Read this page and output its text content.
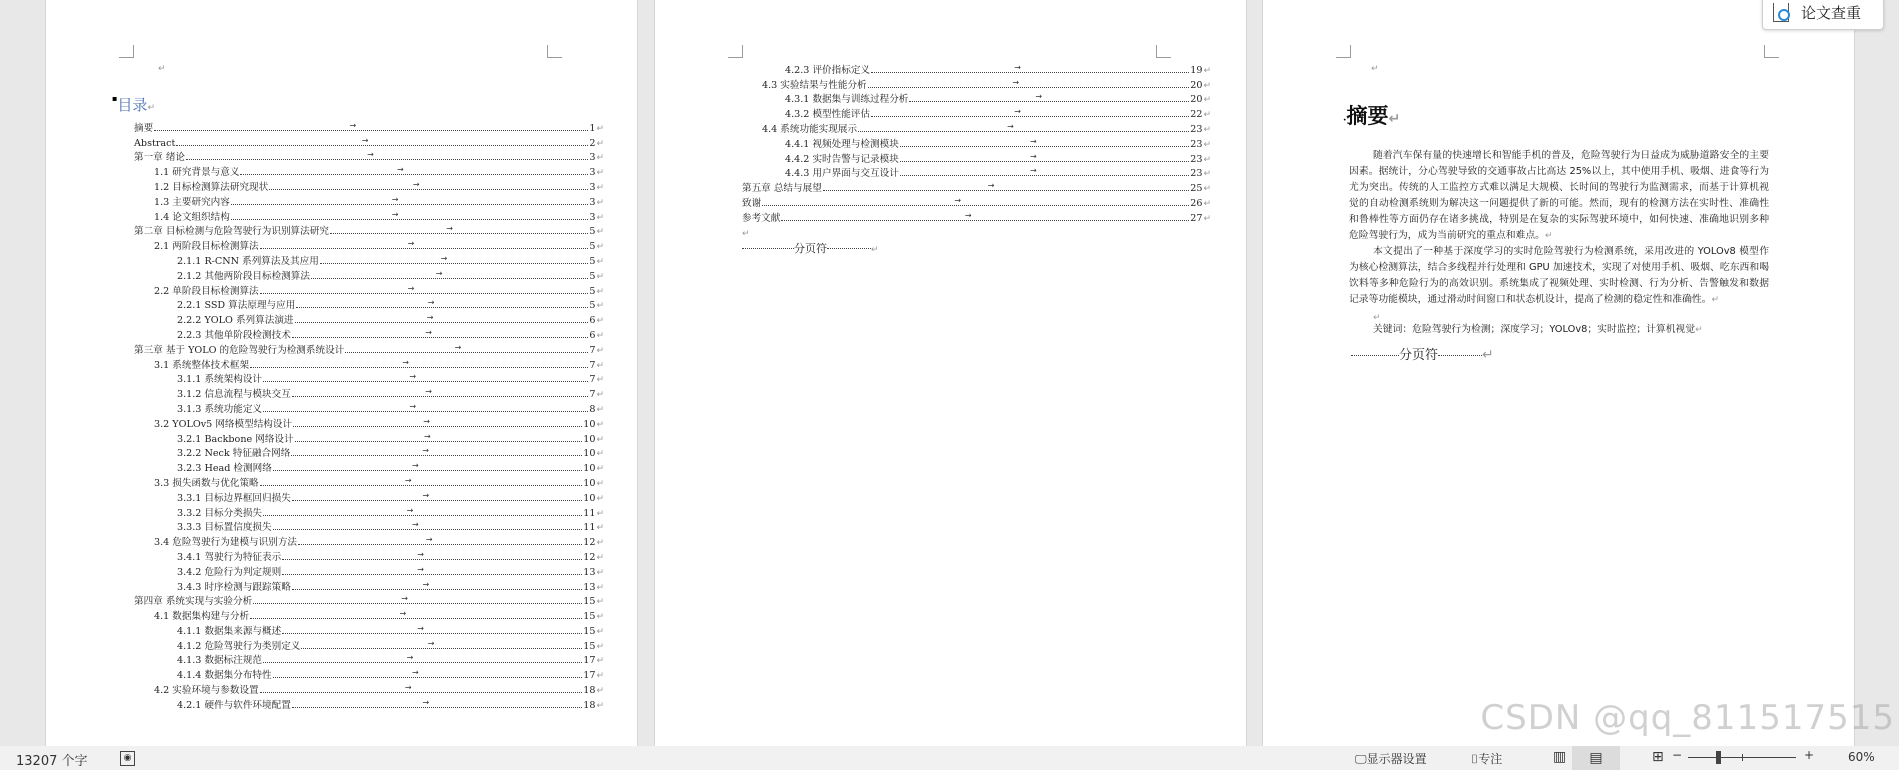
↵
▪目录↵
摘要	→	1 ↵
Abstract	→	2 ↵
第一章 绪论	→	3 ↵
1.1 研究背景与意义	→	3 ↵
1.2 目标检测算法研究现状	→	3 ↵
1.3 主要研究内容	→	3 ↵
1.4 论文组织结构	→	3 ↵
第二章 目标检测与危险驾驶行为识别算法研究	→	5 ↵
2.1 两阶段目标检测算法	→	5 ↵
2.1.1 R-CNN 系列算法及其应用	→	5 ↵
2.1.2 其他两阶段目标检测算法	→	5 ↵
2.2 单阶段目标检测算法	→	5 ↵
2.2.1 SSD 算法原理与应用	→	5 ↵
2.2.2 YOLO 系列算法演进	→	6 ↵
2.2.3 其他单阶段检测技术	→	6 ↵
第三章 基于 YOLO 的危险驾驶行为检测系统设计	→	7 ↵
3.1 系统整体技术框架	→	7 ↵
3.1.1 系统架构设计	→	7 ↵
3.1.2 信息流程与模块交互	→	7 ↵
3.1.3 系统功能定义	→	8 ↵
3.2 YOLOv5 网络模型结构设计	→	10 ↵
3.2.1 Backbone 网络设计	→	10 ↵
3.2.2 Neck 特征融合网络	→	10 ↵
3.2.3 Head 检测网络	→	10 ↵
3.3 损失函数与优化策略	→	10 ↵
3.3.1 目标边界框回归损失	→	10 ↵
3.3.2 目标分类损失	→	11 ↵
3.3.3 目标置信度损失	→	11 ↵
3.4 危险驾驶行为建模与识别方法	→	12 ↵
3.4.1 驾驶行为特征表示	→	12 ↵
3.4.2 危险行为判定规则	→	13 ↵
3.4.3 时序检测与跟踪策略	→	13 ↵
第四章 系统实现与实验分析	→	15 ↵
4.1 数据集构建与分析	→	15 ↵
4.1.1 数据集来源与概述	→	15 ↵
4.1.2 危险驾驶行为类别定义	→	15 ↵
4.1.3 数据标注规范	→	17 ↵
4.1.4 数据集分布特性	→	17 ↵
4.2 实验环境与参数设置	→	18 ↵
4.2.1 硬件与软件环境配置	→	18 ↵
4.2.3 评价指标定义	→	19 ↵
4.3 实验结果与性能分析	→	20 ↵
4.3.1 数据集与训练过程分析	→	20 ↵
4.3.2 模型性能评估	→	22 ↵
4.4 系统功能实现展示	→	23 ↵
4.4.1 视频处理与检测模块	→	23 ↵
4.4.2 实时告警与记录模块	→	23 ↵
4.4.3 用户界面与交互设计	→	23 ↵
第五章 总结与展望	→	25 ↵
致谢	→	26 ↵
参考文献	→	27 ↵
↵
分页符	↵
↵
·摘要↵
随着汽车保有量的快速增长和智能手机的普及，危险驾驶行为日益成为威胁道路安全的主要因素。据统计，分心驾驶导致的交通事故占比高达 25%以上，其中使用手机、吸烟、进食等行为尤为突出。传统的人工监控方式难以满足大规模、长时间的驾驶行为监测需求，而基于计算机视觉的自动检测系统则为解决这一问题提供了新的可能。然而，现有的检测方法在实时性、准确性和鲁棒性等方面仍存在诸多挑战，特别是在复杂的实际驾驶环境中，如何快速、准确地识别多种危险驾驶行为，成为当前研究的重点和难点。↵
本文提出了一种基于深度学习的实时危险驾驶行为检测系统，采用改进的 YOLOv8 模型作为核心检测算法，结合多线程并行处理和 GPU 加速技术，实现了对使用手机、吸烟、吃东西和喝饮料等多种危险行为的高效识别。系统集成了视频处理、实时检测、行为分析、告警触发和数据记录等功能模块，通过滑动时间窗口和状态机设计，提高了检测的稳定性和准确性。↵
↵
关键词：危险驾驶行为检测；深度学习；YOLOv8；实时监控；计算机视觉↵
分页符	↵
论文查重
CSDN @qq_811517515
13207 个字	◉	🖵显示器设置	⌷专注	▥	▤	⊞ −	+	60%
